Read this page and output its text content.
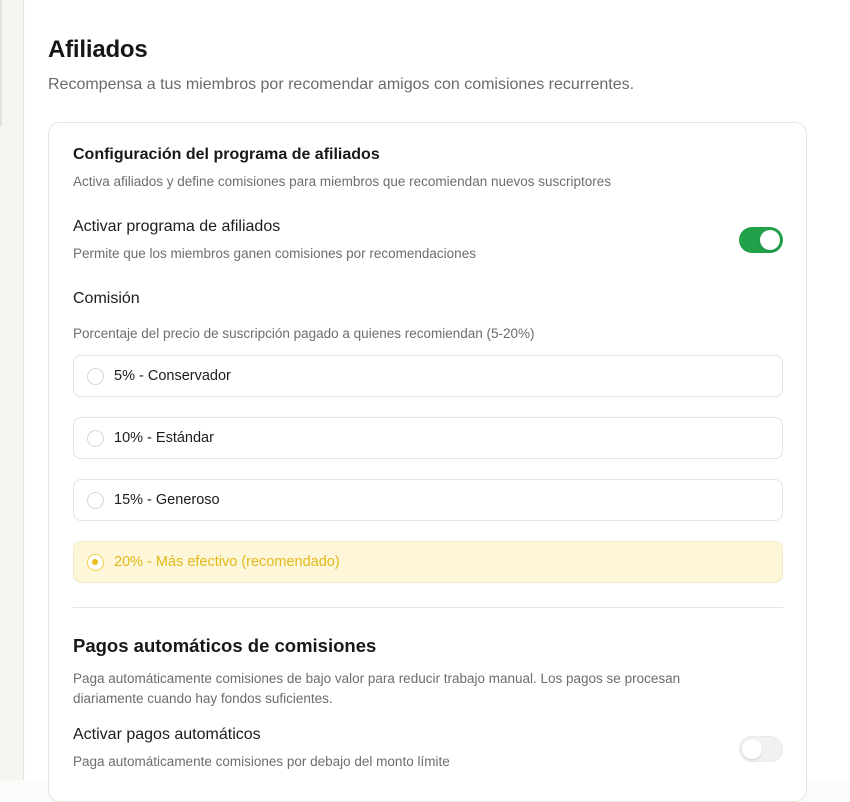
Afiliados

Recompensa a tus miembros por recomendar amigos con comisiones recurrentes.

Configuración del programa de afiliados
Activa afiliados y define comisiones para miembros que recomiendan nuevos suscriptores
Activar programa de afiliados
Permite que los miembros ganen comisiones por recomendaciones
Comisión
Porcentaje del precio de suscripción pagado a quienes recomiendan (5-20%)
5% - Conservador
10% - Estándar
15% - Generoso
20% - Más efectivo (recomendado)
Pagos automáticos de comisiones
Paga automáticamente comisiones de bajo valor para reducir trabajo manual. Los pagos se procesan diariamente cuando hay fondos suficientes.
Activar pagos automáticos
Paga automáticamente comisiones por debajo del monto límite
